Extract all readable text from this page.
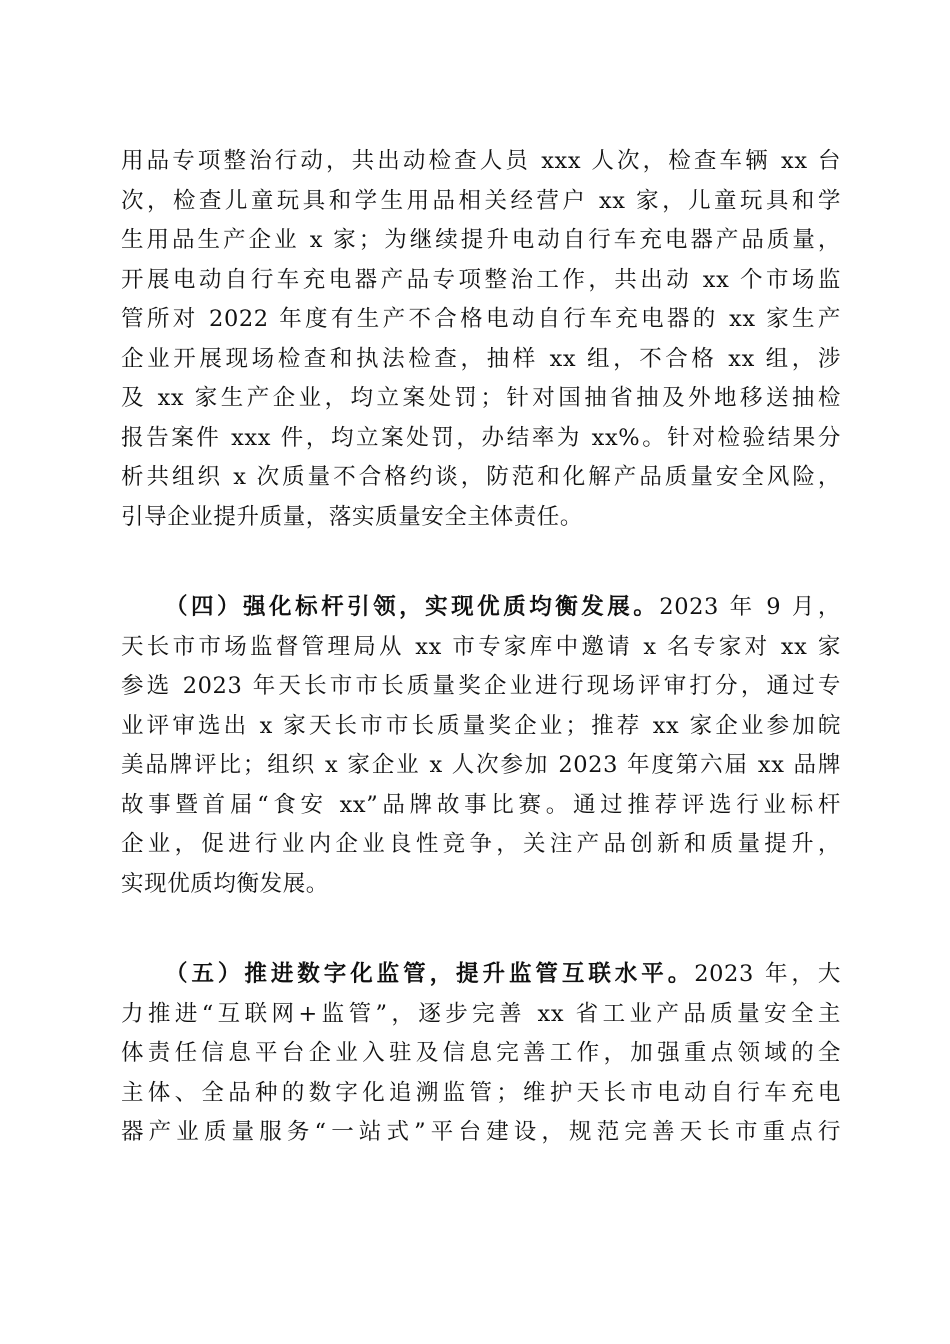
用品专项整治行动，共出动检查人员 xxx 人次，检查车辆 xx 台
次，检查儿童玩具和学生用品相关经营户 xx 家，儿童玩具和学
生用品生产企业 x 家；为继续提升电动自行车充电器产品质量，
开展电动自行车充电器产品专项整治工作，共出动 xx 个市场监
管所对 2022 年度有生产不合格电动自行车充电器的 xx 家生产
企业开展现场检查和执法检查，抽样 xx 组，不合格 xx 组，涉
及 xx 家生产企业，均立案处罚；针对国抽省抽及外地移送抽检
报告案件 xxx 件，均立案处罚，办结率为 xx%。针对检验结果分
析共组织 x 次质量不合格约谈，防范和化解产品质量安全风险，
引导企业提升质量，落实质量安全主体责任。
（四）强化标杆引领，实现优质均衡发展。2023 年 9 月，
天长市市场监督管理局从 xx 市专家库中邀请 x 名专家对 xx 家
参选 2023 年天长市市长质量奖企业进行现场评审打分，通过专
业评审选出 x 家天长市市长质量奖企业；推荐 xx 家企业参加皖
美品牌评比；组织 x 家企业 x 人次参加 2023 年度第六届 xx 品牌
故事暨首届“食安 xx”品牌故事比赛。通过推荐评选行业标杆
企业，促进行业内企业良性竞争，关注产品创新和质量提升，
实现优质均衡发展。
（五）推进数字化监管，提升监管互联水平。2023 年，大
力推进“互联网+监管”，逐步完善 xx 省工业产品质量安全主
体责任信息平台企业入驻及信息完善工作，加强重点领域的全
主体、全品种的数字化追溯监管；维护天长市电动自行车充电
器产业质量服务“一站式”平台建设，规范完善天长市重点行
